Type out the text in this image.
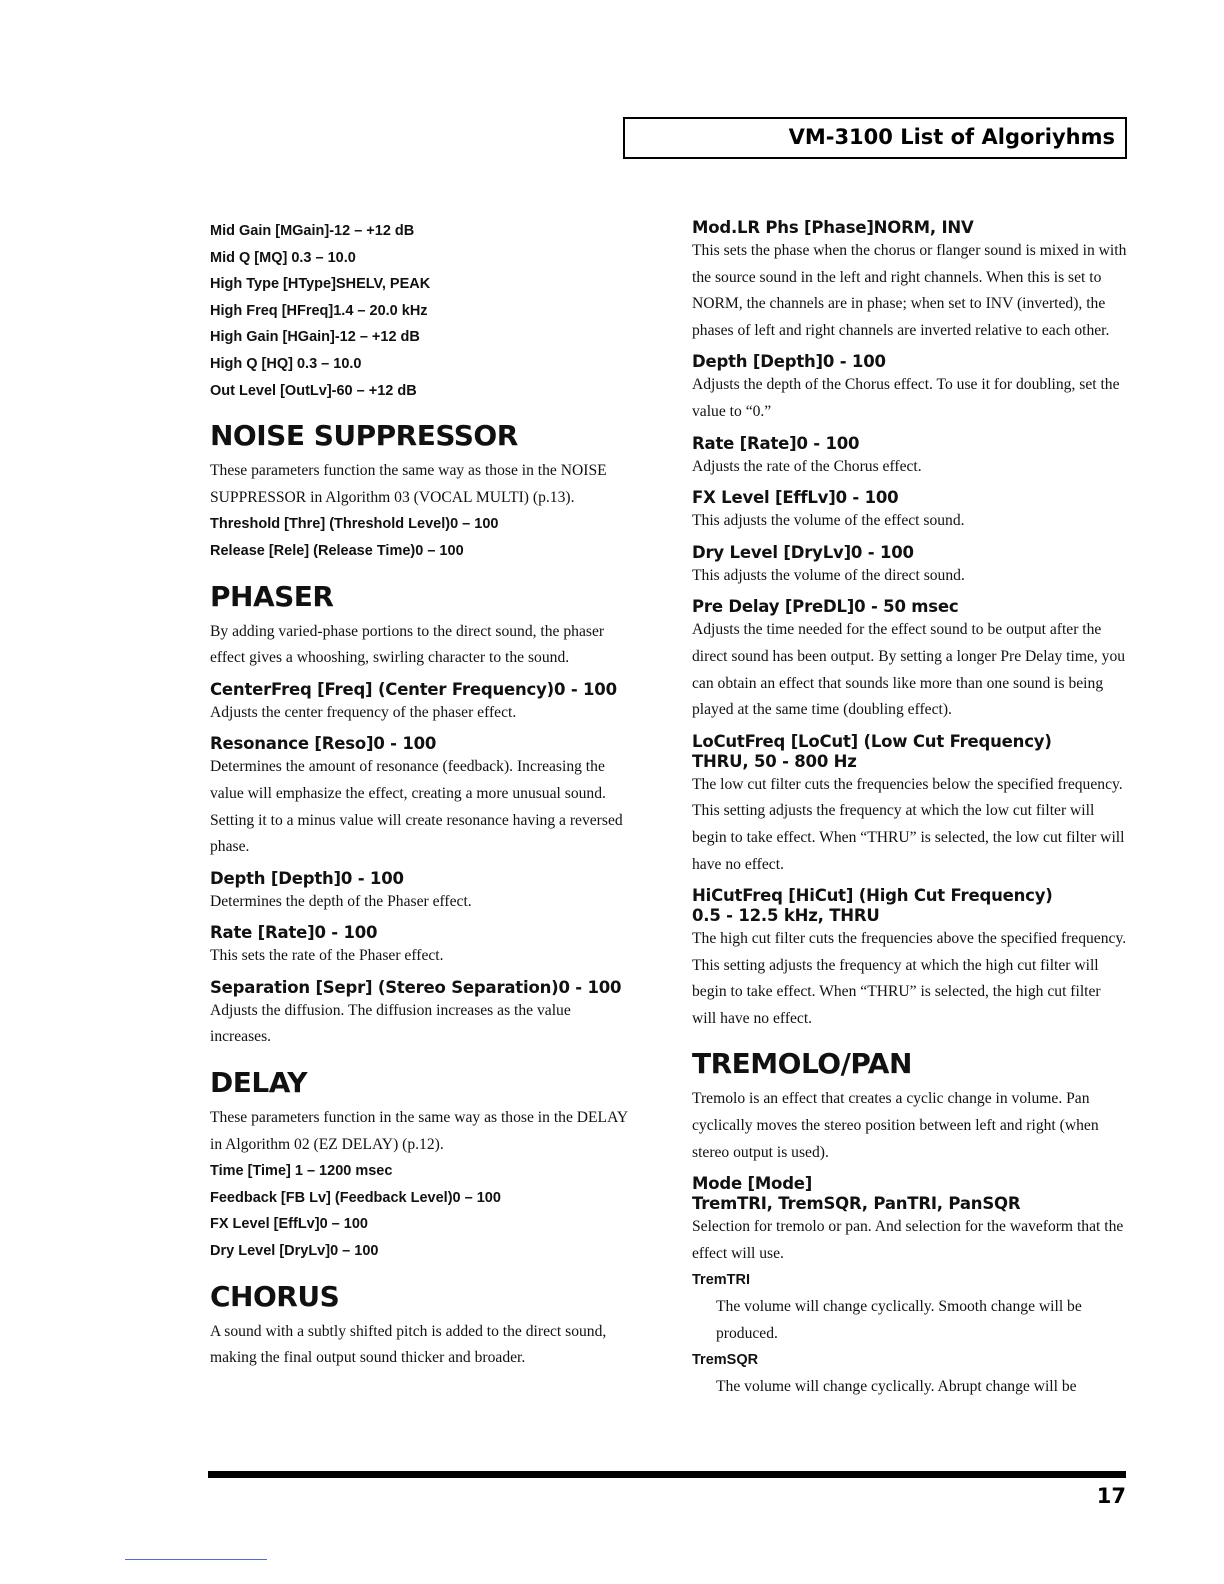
VM-3100 List of Algoriyhms

Mid Gain [MGain]-12 – +12 dB

Mid Q [MQ] 0.3 – 10.0

High Type [HType]SHELV, PEAK

High Freq [HFreq]1.4 – 20.0 kHz

High Gain [HGain]-12 – +12 dB

High Q [HQ] 0.3 – 10.0

Out Level [OutLv]-60 – +12 dB

NOISE SUPPRESSOR

These parameters function the same way as those in the NOISE SUPPRESSOR in Algorithm 03 (VOCAL MULTI) (p.13).

Threshold [Thre] (Threshold Level)0 – 100

Release [Rele] (Release Time)0 – 100

PHASER

By adding varied-phase portions to the direct sound, the phaser effect gives a whooshing, swirling character to the sound.

CenterFreq [Freq] (Center Frequency)0 - 100

Adjusts the center frequency of the phaser effect.

Resonance [Reso]0 - 100

Determines the amount of resonance (feedback). Increasing the value will emphasize the effect, creating a more unusual sound. Setting it to a minus value will create resonance having a reversed phase.

Depth [Depth]0 - 100

Determines the depth of the Phaser effect.

Rate [Rate]0 - 100

This sets the rate of the Phaser effect.

Separation [Sepr] (Stereo Separation)0 - 100

Adjusts the diffusion. The diffusion increases as the value increases.

DELAY

These parameters function in the same way as those in the DELAY in Algorithm 02 (EZ DELAY) (p.12).

Time [Time] 1 – 1200 msec

Feedback [FB Lv] (Feedback Level)0 – 100

FX Level [EffLv]0 – 100

Dry Level [DryLv]0 – 100

CHORUS

A sound with a subtly shifted pitch is added to the direct sound, making the final output sound thicker and broader.

Mod.LR Phs [Phase]NORM, INV

This sets the phase when the chorus or flanger sound is mixed in with the source sound in the left and right channels. When this is set to NORM, the channels are in phase; when set to INV (inverted), the phases of left and right channels are inverted relative to each other.

Depth [Depth]0 - 100

Adjusts the depth of the Chorus effect. To use it for doubling, set the value to “0.”

Rate [Rate]0 - 100

Adjusts the rate of the Chorus effect.

FX Level [EffLv]0 - 100

This adjusts the volume of the effect sound.

Dry Level [DryLv]0 - 100

This adjusts the volume of the direct sound.

Pre Delay [PreDL]0 - 50 msec

Adjusts the time needed for the effect sound to be output after the direct sound has been output. By setting a longer Pre Delay time, you can obtain an effect that sounds like more than one sound is being played at the same time (doubling effect).

LoCutFreq [LoCut] (Low Cut Frequency)
THRU, 50 - 800 Hz

The low cut filter cuts the frequencies below the specified frequency. This setting adjusts the frequency at which the low cut filter will begin to take effect. When “THRU” is selected, the low cut filter will have no effect.

HiCutFreq [HiCut] (High Cut Frequency)
0.5 - 12.5 kHz, THRU

The high cut filter cuts the frequencies above the specified frequency. This setting adjusts the frequency at which the high cut filter will begin to take effect. When “THRU” is selected, the high cut filter will have no effect.

TREMOLO/PAN

Tremolo is an effect that creates a cyclic change in volume. Pan cyclically moves the stereo position between left and right (when stereo output is used).

Mode [Mode]
TremTRI, TremSQR, PanTRI, PanSQR

Selection for tremolo or pan. And selection for the waveform that the effect will use.

TremTRI

The volume will change cyclically. Smooth change will be produced.

TremSQR

The volume will change cyclically. Abrupt change will be

17
